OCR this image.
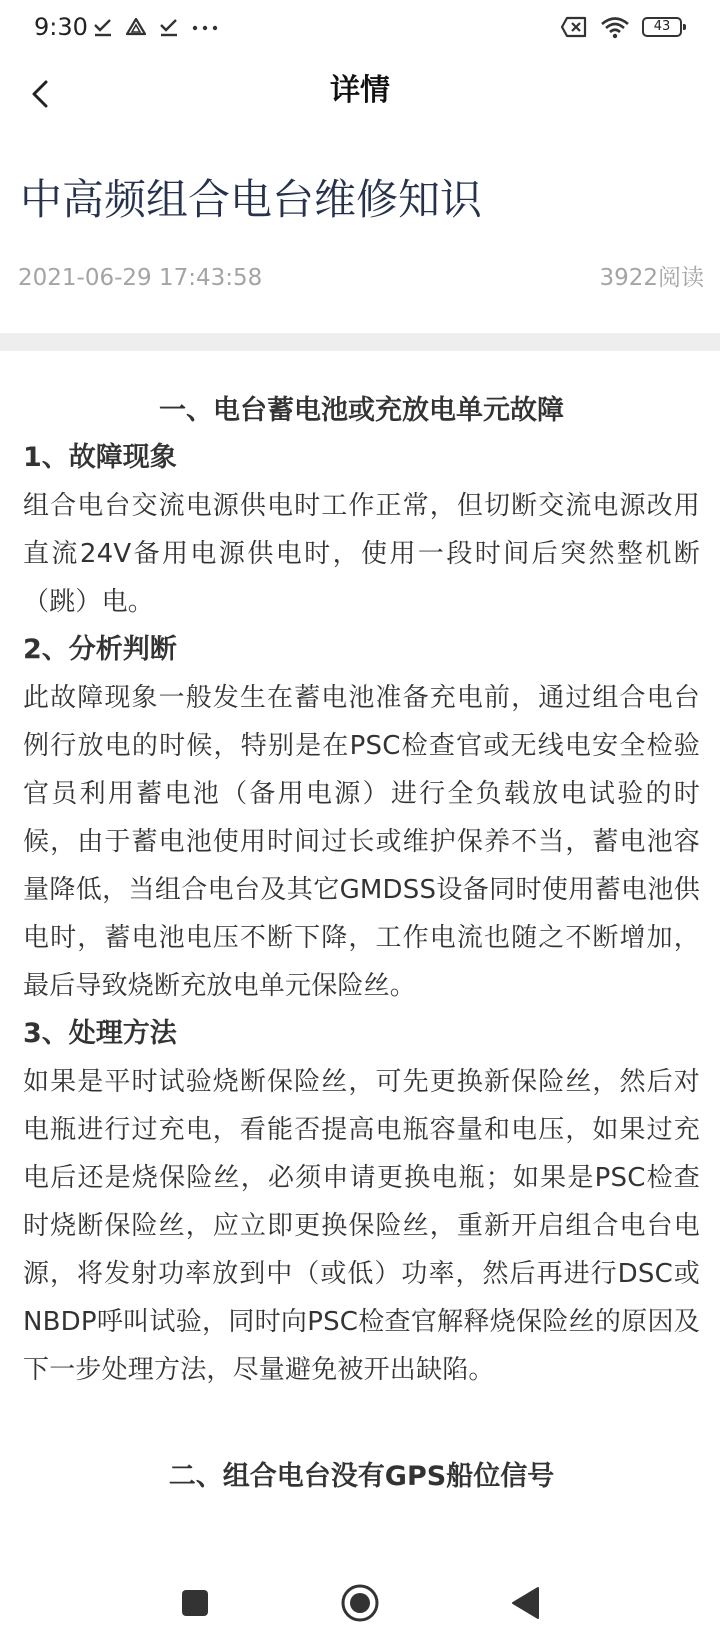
9:30	43
详情
中高频组合电台维修知识
2021-06-29 17:43:58	3922阅读

一、电台蓄电池或充放电单元故障

1、故障现象

组合电台交流电源供电时工作正常，但切断交流电源改用直流24V备用电源供电时，使用一段时间后突然整机断（跳）电。

2、分析判断

此故障现象一般发生在蓄电池准备充电前，通过组合电台例行放电的时候，特别是在PSC检查官或无线电安全检验官员利用蓄电池（备用电源）进行全负载放电试验的时候，由于蓄电池使用时间过长或维护保养不当，蓄电池容量降低，当组合电台及其它GMDSS设备同时使用蓄电池供电时，蓄电池电压不断下降，工作电流也随之不断增加，最后导致烧断充放电单元保险丝。

3、处理方法

如果是平时试验烧断保险丝，可先更换新保险丝，然后对电瓶进行过充电，看能否提高电瓶容量和电压，如果过充电后还是烧保险丝，必须申请更换电瓶；如果是PSC检查时烧断保险丝，应立即更换保险丝，重新开启组合电台电源，将发射功率放到中（或低）功率，然后再进行DSC或NBDP呼叫试验，同时向PSC检查官解释烧保险丝的原因及下一步处理方法，尽量避免被开出缺陷。

二、组合电台没有GPS船位信号
